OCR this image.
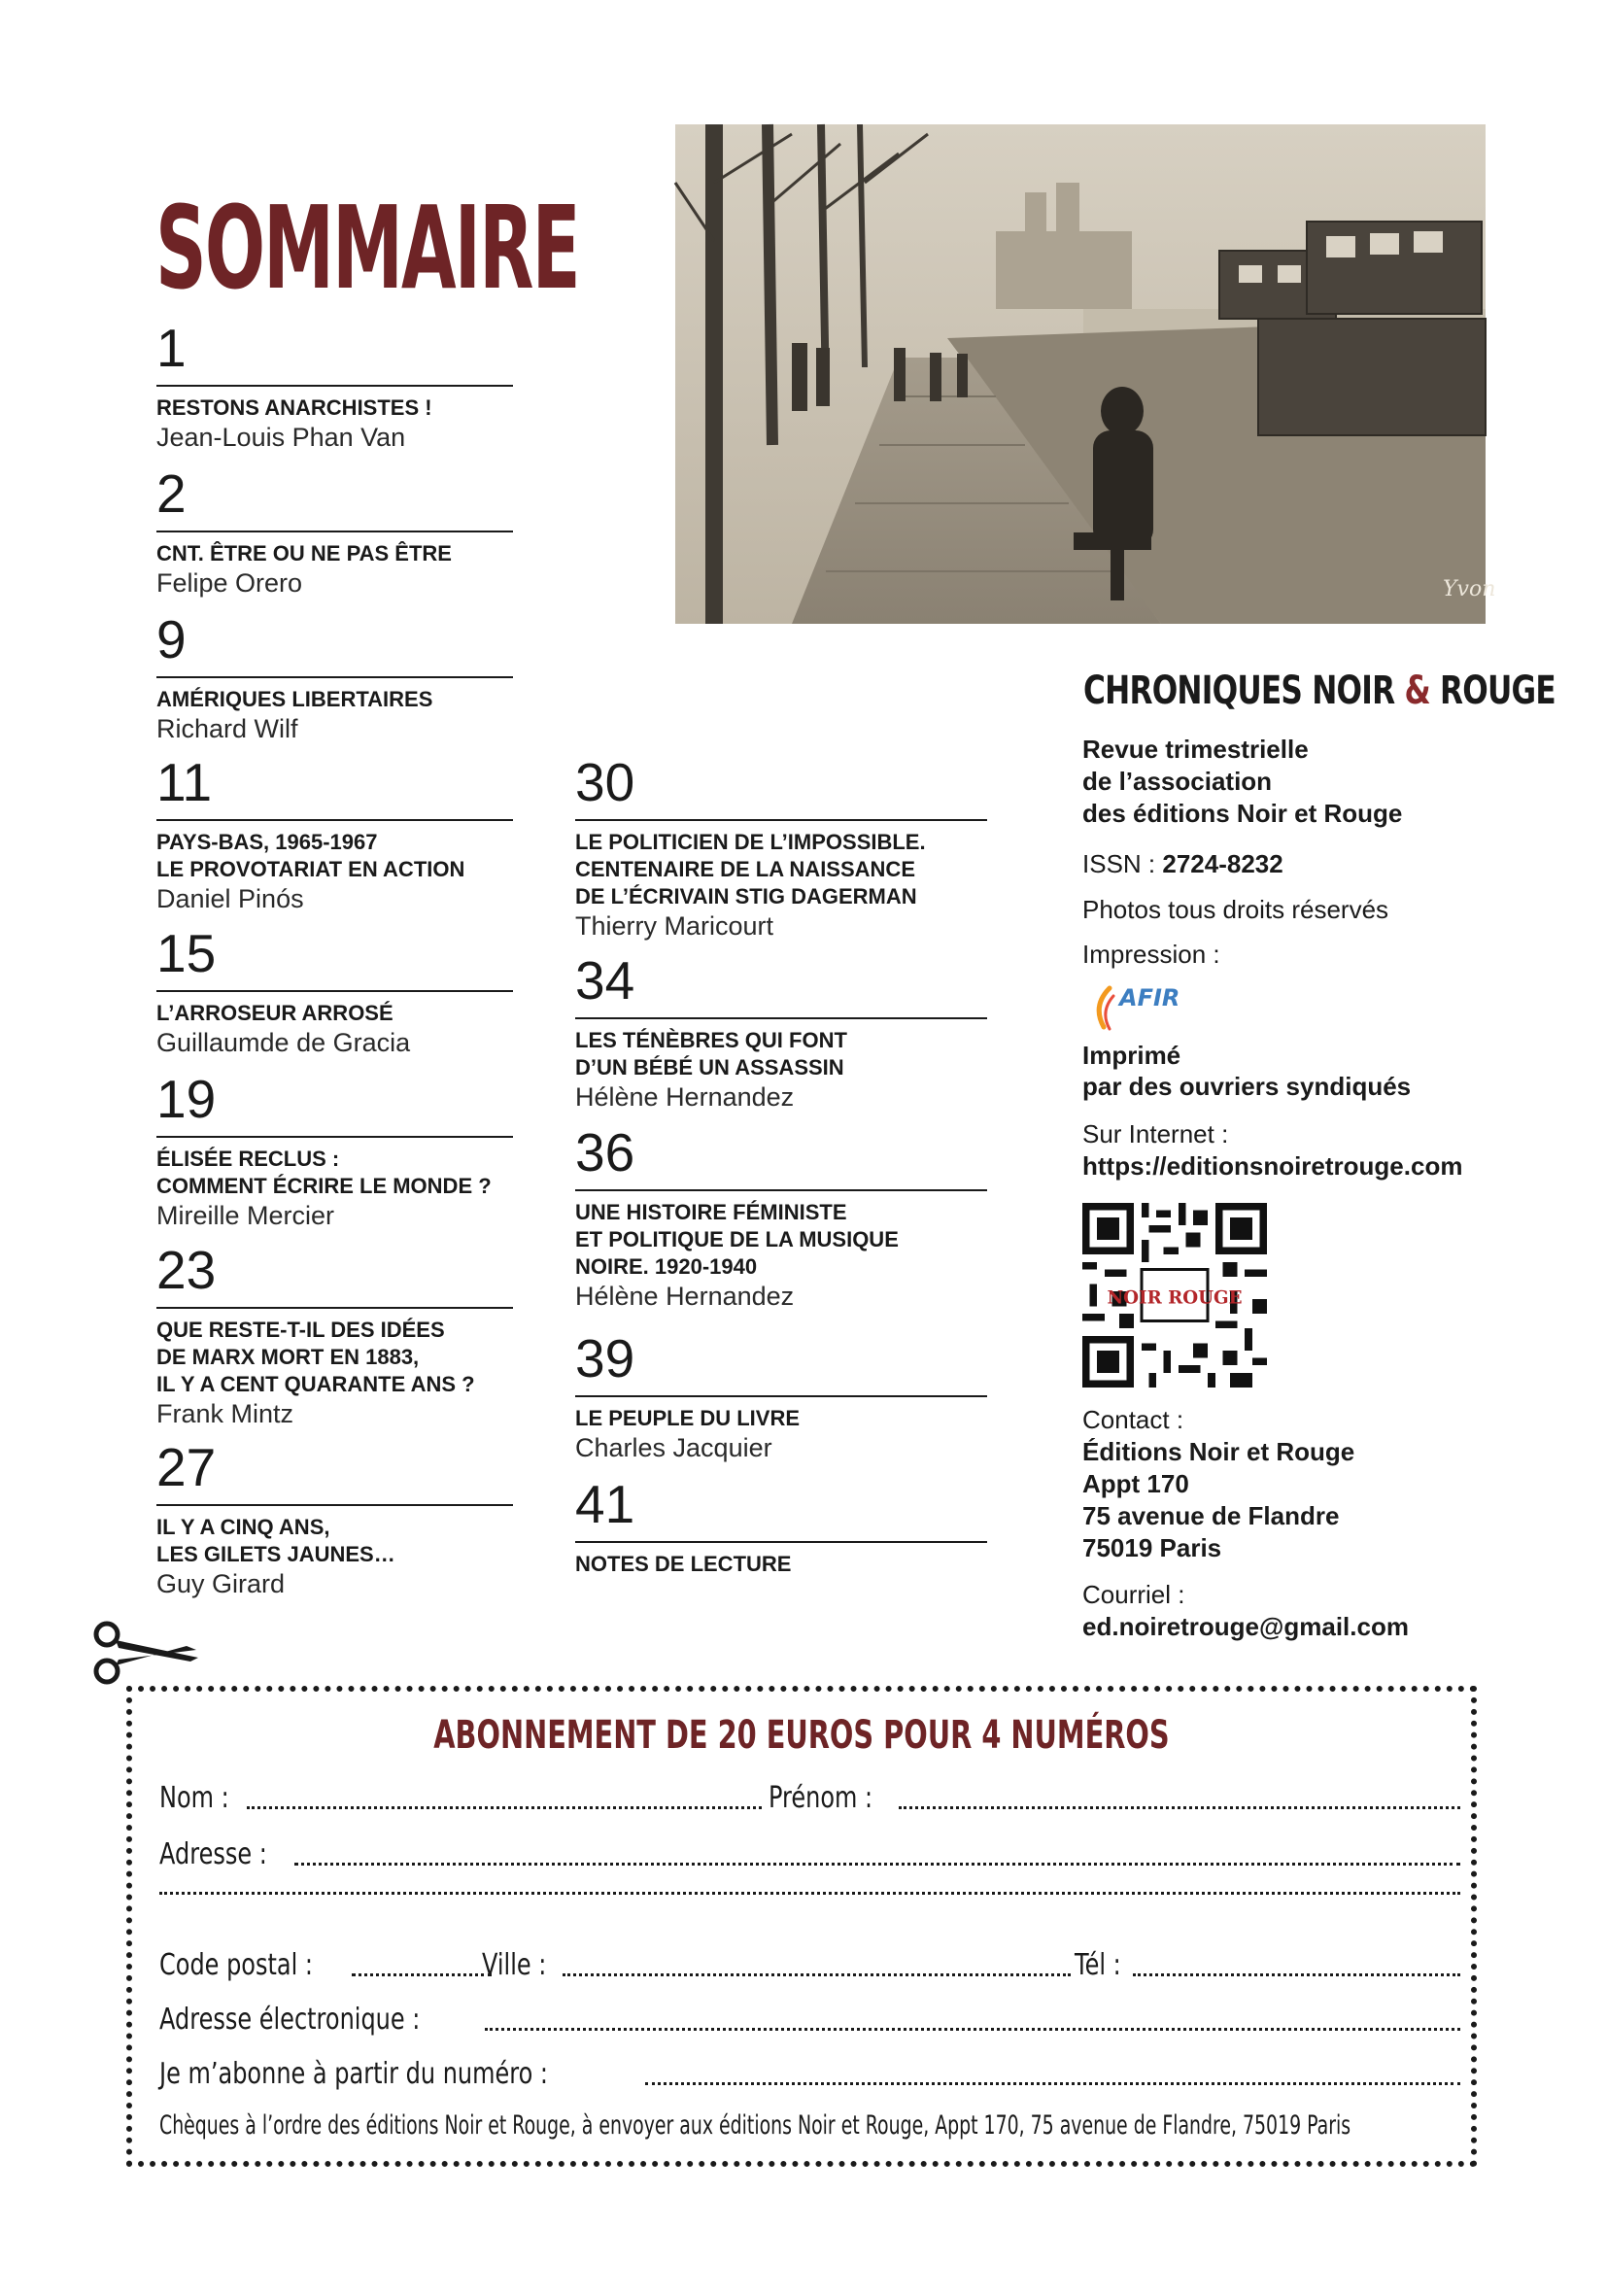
SOMMAIRE
1
RESTONS ANARCHISTES !
Jean-Louis Phan Van
2
CNT. ÊTRE OU NE PAS ÊTRE
Felipe Orero
9
AMÉRIQUES LIBERTAIRES
Richard Wilf
11
PAYS-BAS, 1965-1967
LE PROVOTARIAT EN ACTION
Daniel Pinós
15
L’ARROSEUR ARROSÉ
Guillaumde de Gracia
19
ÉLISÉE RECLUS :
COMMENT ÉCRIRE LE MONDE ?
Mireille Mercier
23
QUE RESTE-T-IL DES IDÉES
DE MARX MORT EN 1883,
IL Y A CENT QUARANTE ANS ?
Frank Mintz
27
IL Y A CINQ ANS,
LES GILETS JAUNES…
Guy Girard
30
LE POLITICIEN DE L’IMPOSSIBLE.
CENTENAIRE DE LA NAISSANCE
DE L’ÉCRIVAIN STIG DAGERMAN
Thierry Maricourt
34
LES TÉNÈBRES QUI FONT
D’UN BÉBÉ UN ASSASSIN
Hélène Hernandez
36
UNE HISTOIRE FÉMINISTE
ET POLITIQUE DE LA MUSIQUE
NOIRE. 1920-1940
Hélène Hernandez
39
LE PEUPLE DU LIVRE
Charles Jacquier
41
NOTES DE LECTURE
Yvon
CHRONIQUES NOIR & ROUGE
Revue trimestrielle
de l’association
des éditions Noir et Rouge
ISSN : 2724-8232
Photos tous droits réservés
Impression :
AFIR
Imprimé
par des ouvriers syndiqués
Sur Internet :
https://editionsnoiretrouge.com
NOIR ROUGE
Contact :
Éditions Noir et Rouge
Appt 170
75 avenue de Flandre
75019 Paris
Courriel :
ed.noiretrouge@gmail.com
ABONNEMENT DE 20 EUROS POUR 4 NUMÉROS
Nom :	Prénom :
Adresse :
Code postal :	Ville :	Tél :
Adresse électronique :
Je m’abonne à partir du numéro :
Chèques à l’ordre des éditions Noir et Rouge, à envoyer aux éditions Noir et Rouge, Appt 170, 75 avenue de Flandre, 75019 Paris
